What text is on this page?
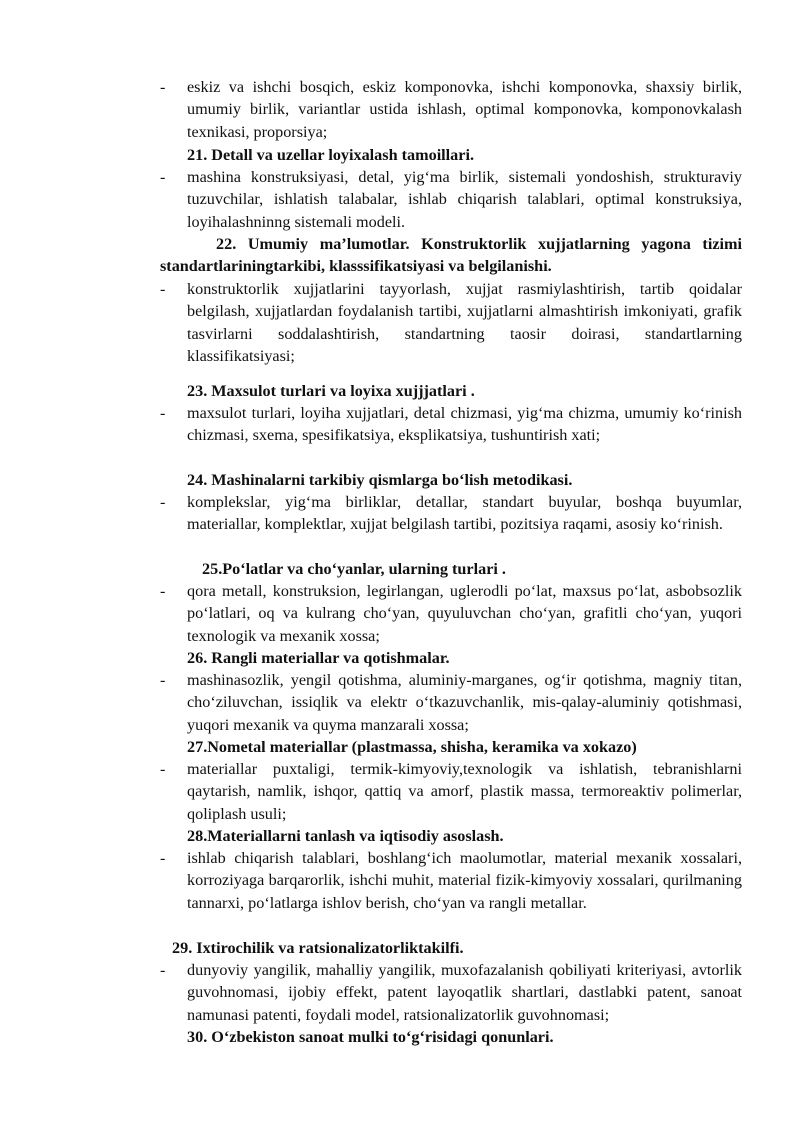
-	eskiz va ishchi bosqich, eskiz komponovka, ishchi komponovka, shaxsiy birlik, umumiy birlik, variantlar ustida ishlash, optimal komponovka, komponovkalash texnikasi, proporsiya;
21. Detall va uzellar loyixalash tamoillari.
-	mashina konstruksiyasi, detal, yig‘ma birlik, sistemali yondoshish, strukturaviy tuzuvchilar, ishlatish talabalar, ishlab chiqarish talablari, optimal konstruksiya, loyihalashninng sistemali modeli.
22. Umumiy ma’lumotlar. Konstruktorlik xujjatlarning yagona tizimi standartlariningtarkibi, klasssifikatsiyasi va belgilanishi.
-	konstruktorlik xujjatlarini tayyorlash, xujjat rasmiylashtirish, tartib qoidalar belgilash, xujjatlardan foydalanish tartibi, xujjatlarni almashtirish imkoniyati, grafik tasvirlarni soddalashtirish, standartning taosir doirasi, standartlarning klassifikatsiyasi;
23. Maxsulot turlari va loyixa xujjjatlari .
-	maxsulot turlari, loyiha xujjatlari, detal chizmasi, yig‘ma chizma, umumiy ko‘rinish chizmasi, sxema, spesifikatsiya, eksplikatsiya, tushuntirish xati;
24. Mashinalarni tarkibiy qismlarga bo‘lish metodikasi.
-	komplekslar, yig‘ma birliklar, detallar, standart buyular, boshqa buyumlar, materiallar, komplektlar, xujjat belgilash tartibi, pozitsiya raqami, asosiy ko‘rinish.
25.Po‘latlar va cho‘yanlar, ularning turlari .
-	qora metall, konstruksion, legirlangan, uglerodli po‘lat, maxsus po‘lat, asbobsozlik po‘latlari, oq va kulrang cho‘yan, quyuluvchan cho‘yan, grafitli cho‘yan, yuqori texnologik va mexanik xossa;
26. Rangli materiallar va qotishmalar.
-	mashinasozlik, yengil qotishma, aluminiy-marganes, og‘ir qotishma, magniy titan, cho‘ziluvchan, issiqlik va elektr o‘tkazuvchanlik, mis-qalay-aluminiy qotishmasi, yuqori mexanik va quyma manzarali xossa;
27.Nometal materiallar (plastmassa, shisha, keramika va xokazo)
-	materiallar puxtaligi, termik-kimyoviy,texnologik va ishlatish, tebranishlarni qaytarish, namlik, ishqor, qattiq va amorf, plastik massa, termoreaktiv polimerlar, qoliplash usuli;
28.Materiallarni tanlash va iqtisodiy asoslash.
-	ishlab chiqarish talablari, boshlang‘ich maolumotlar, material mexanik xossalari, korroziyaga barqarorlik, ishchi muhit, material fizik-kimyoviy xossalari, qurilmaning tannarxi, po‘latlarga ishlov berish, cho‘yan va rangli metallar.
29. Ixtirochilik va ratsionalizatorliktakilfi.
-	dunyoviy yangilik, mahalliy yangilik, muxofazalanish qobiliyati kriteriyasi, avtorlik guvohnomasi, ijobiy effekt, patent layoqatlik shartlari, dastlabki patent, sanoat namunasi patenti, foydali model, ratsionalizatorlik guvohnomasi;
30. O‘zbekiston sanoat mulki to‘g‘risidagi qonunlari.
